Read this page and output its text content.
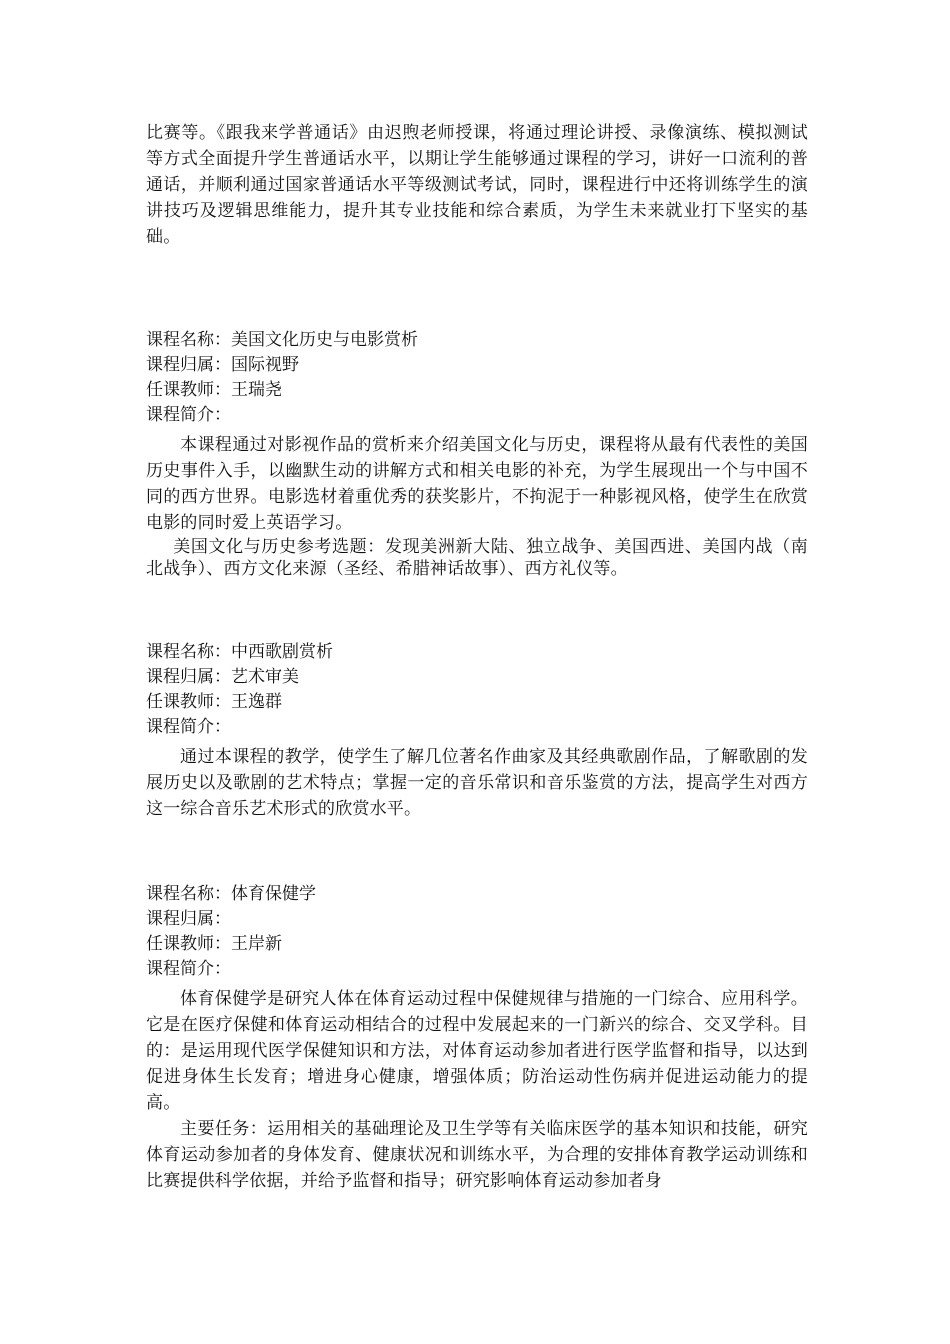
比赛等。《跟我来学普通话》由迟煦老师授课，将通过理论讲授、录像演练、模拟测试等方式全面提升学生普通话水平，以期让学生能够通过课程的学习，讲好一口流利的普通话，并顺利通过国家普通话水平等级测试考试，同时，课程进行中还将训练学生的演讲技巧及逻辑思维能力，提升其专业技能和综合素质，为学生未来就业打下坚实的基础。

课程名称：美国文化历史与电影赏析

课程归属：国际视野

任课教师：王瑞尧

课程简介：

本课程通过对影视作品的赏析来介绍美国文化与历史，课程将从最有代表性的美国历史事件入手，以幽默生动的讲解方式和相关电影的补充，为学生展现出一个与中国不同的西方世界。电影选材着重优秀的获奖影片，不拘泥于一种影视风格，使学生在欣赏电影的同时爱上英语学习。

美国文化与历史参考选题：发现美洲新大陆、独立战争、美国西进、美国内战（南北战争）、西方文化来源（圣经、希腊神话故事）、西方礼仪等。

课程名称：中西歌剧赏析

课程归属：艺术审美

任课教师：王逸群

课程简介：

通过本课程的教学，使学生了解几位著名作曲家及其经典歌剧作品，了解歌剧的发展历史以及歌剧的艺术特点；掌握一定的音乐常识和音乐鉴赏的方法，提高学生对西方这一综合音乐艺术形式的欣赏水平。

课程名称：体育保健学

课程归属：

任课教师：王岸新

课程简介：

体育保健学是研究人体在体育运动过程中保健规律与措施的一门综合、应用科学。它是在医疗保健和体育运动相结合的过程中发展起来的一门新兴的综合、交叉学科。目的：是运用现代医学保健知识和方法，对体育运动参加者进行医学监督和指导，以达到促进身体生长发育；增进身心健康，增强体质；防治运动性伤病并促进运动能力的提高。

主要任务：运用相关的基础理论及卫生学等有关临床医学的基本知识和技能，研究体育运动参加者的身体发育、健康状况和训练水平，为合理的安排体育教学运动训练和比赛提供科学依据，并给予监督和指导；研究影响体育运动参加者身
